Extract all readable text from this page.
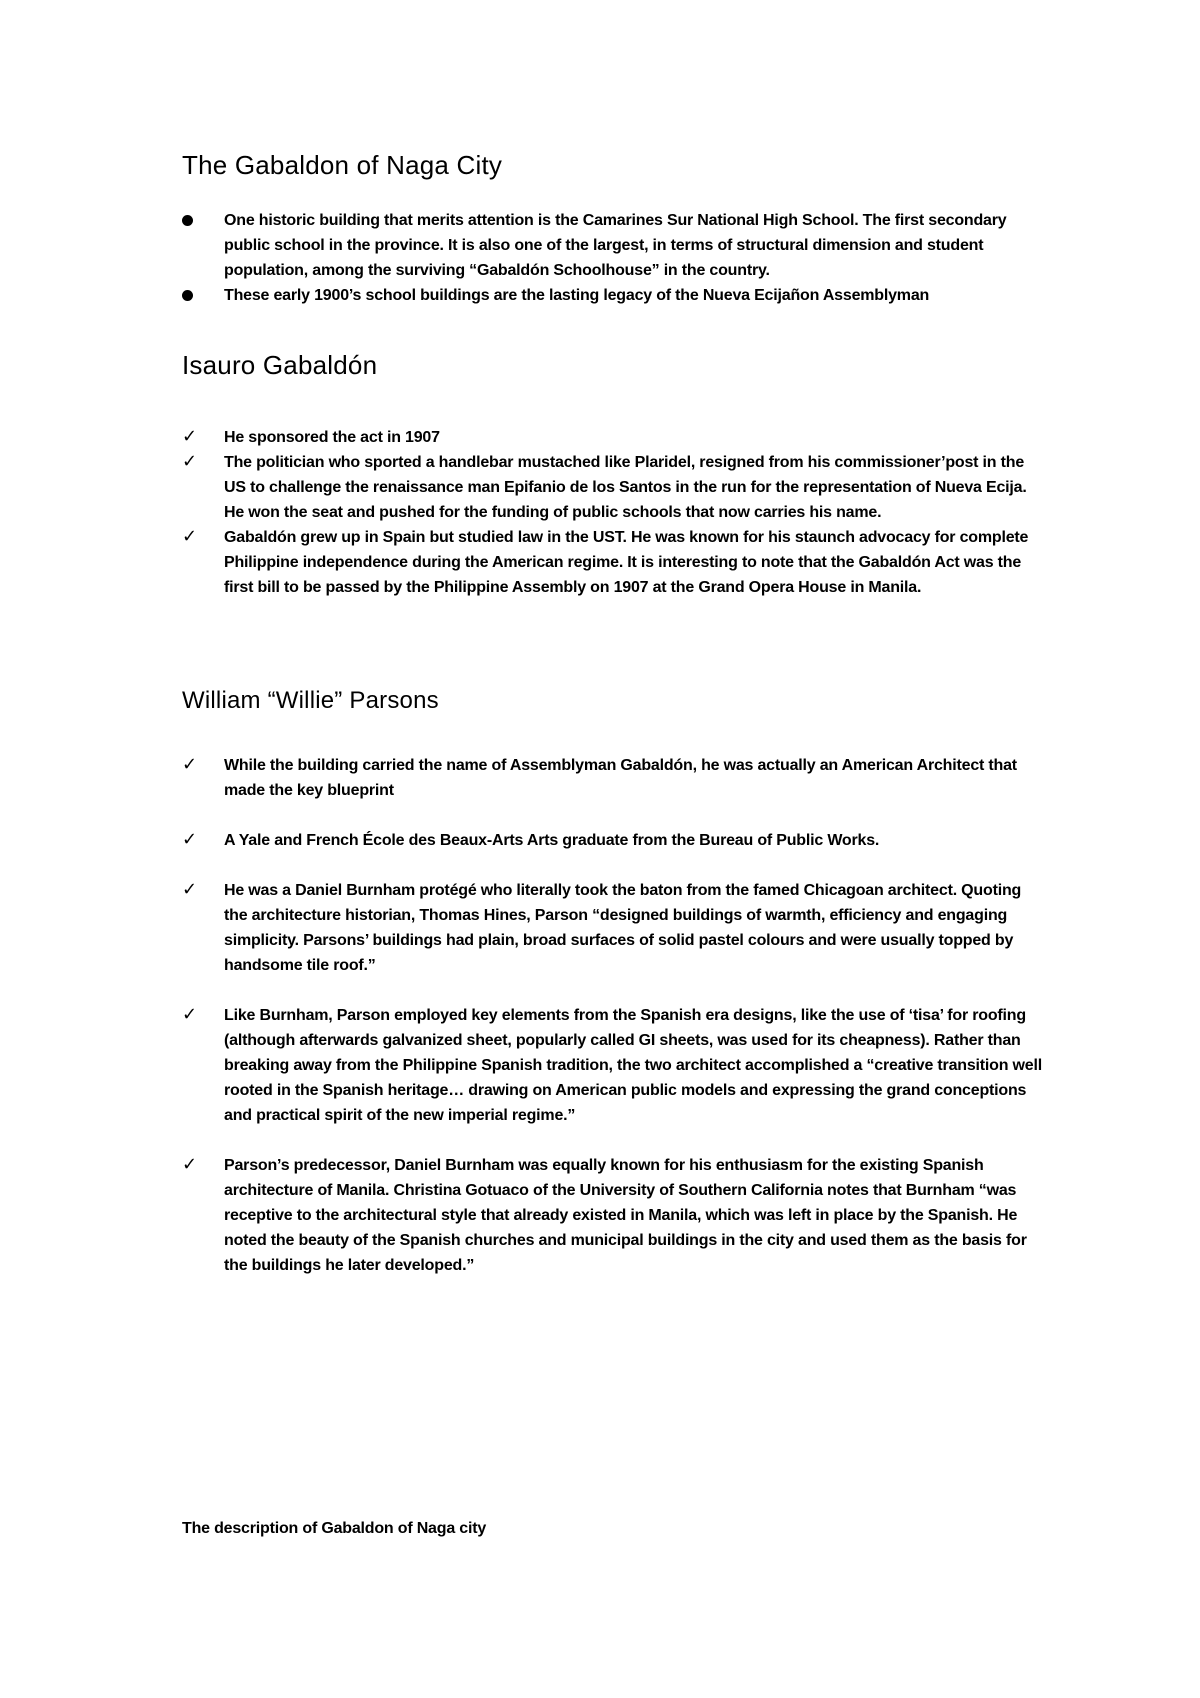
The Gabaldon of Naga City
One historic building that merits attention is the Camarines Sur National High School. The first secondary public school in the province. It is also one of the largest, in terms of structural dimension and student population, among the surviving “Gabaldón Schoolhouse” in the country.
These early 1900’s school buildings are the lasting legacy of the Nueva Ecijañon Assemblyman
Isauro Gabaldón
✓	He sponsored the act in 1907
✓	The politician who sported a handlebar mustached like Plaridel, resigned from his commissioner’post in the US to challenge the renaissance man Epifanio de los Santos in the run for the representation of Nueva Ecija. He won the seat and pushed for the funding of public schools that now carries his name.
✓	Gabaldón grew up in Spain but studied law in the UST. He was known for his staunch advocacy for complete Philippine independence during the American regime. It is interesting to note that the Gabaldón Act was the first bill to be passed by the Philippine Assembly on 1907 at the Grand Opera House in Manila.
William “Willie” Parsons
✓	While the building carried the name of Assemblyman Gabaldón, he was actually an American Architect that made the key blueprint
✓	A Yale and French École des Beaux-Arts Arts graduate from the Bureau of Public Works.
✓	He was a Daniel Burnham protégé who literally took the baton from the famed Chicagoan architect. Quoting the architecture historian, Thomas Hines, Parson “designed buildings of warmth, efficiency and engaging simplicity. Parsons’ buildings had plain, broad surfaces of solid pastel colours and were usually topped by handsome tile roof.”
✓	Like Burnham, Parson employed key elements from the Spanish era designs, like the use of ‘tisa’ for roofing (although afterwards galvanized sheet, popularly called GI sheets, was used for its cheapness). Rather than breaking away from the Philippine Spanish tradition, the two architect accomplished a “creative transition well rooted in the Spanish heritage… drawing on American public models and expressing the grand conceptions and practical spirit of the new imperial regime.”
✓	Parson’s predecessor, Daniel Burnham was equally known for his enthusiasm for the existing Spanish architecture of Manila. Christina Gotuaco of the University of Southern California notes that Burnham “was receptive to the architectural style that already existed in Manila, which was left in place by the Spanish. He noted the beauty of the Spanish churches and municipal buildings in the city and used them as the basis for the buildings he later developed.”
The description of Gabaldon of Naga city
